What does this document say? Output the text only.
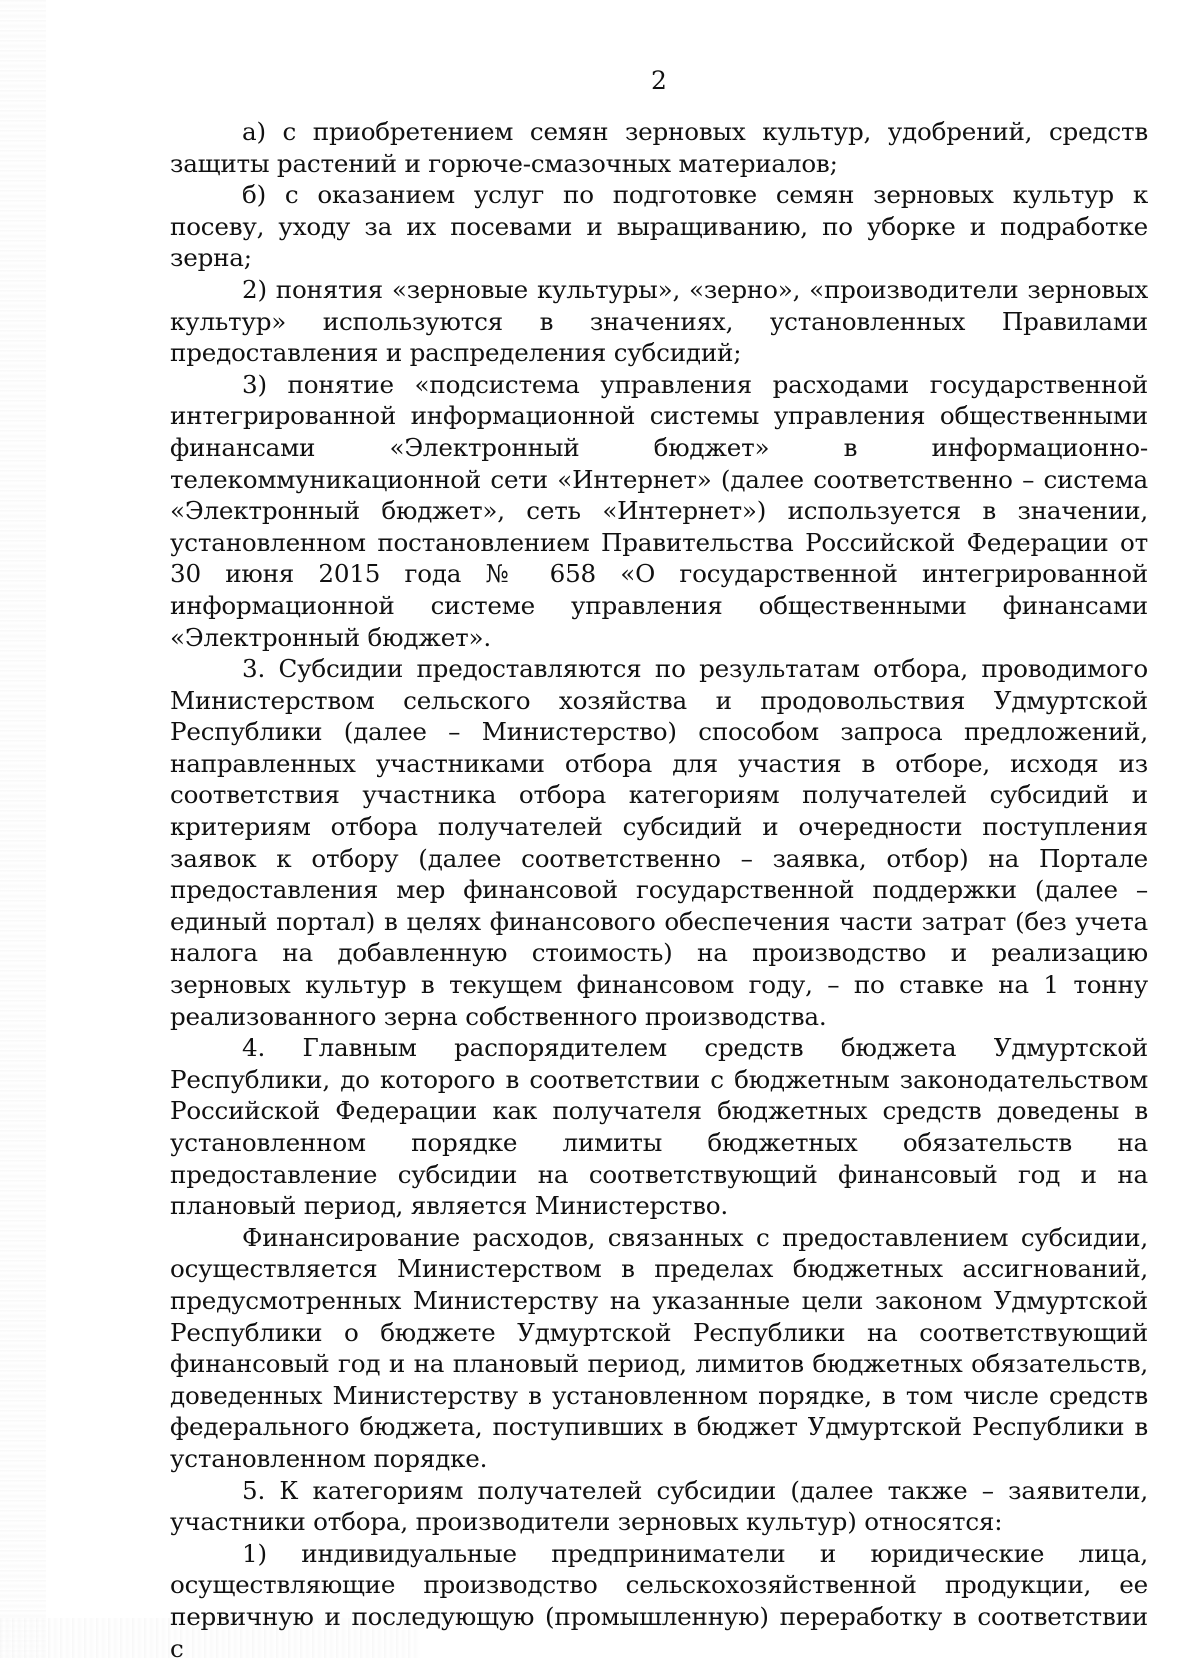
2

а) с приобретением семян зерновых культур, удобрений, средств защиты растений и горюче-смазочных материалов;

б) с оказанием услуг по подготовке семян зерновых культур к посеву, уходу за их посевами и выращиванию, по уборке и подработке зерна;

2) понятия «зерновые культуры», «зерно», «производители зерновых культур» используются в значениях, установленных Правилами предоставления и распределения субсидий;

3) понятие «подсистема управления расходами государственной интегрированной информационной системы управления общественными финансами «Электронный бюджет» в информационно-телекоммуникационной сети «Интернет» (далее соответственно – система «Электронный бюджет», сеть «Интернет») используется в значении, установленном постановлением Правительства Российской Федерации от 30 июня 2015 года № 658 «О государственной интегрированной информационной системе управления общественными финансами «Электронный бюджет».

3. Субсидии предоставляются по результатам отбора, проводимого Министерством сельского хозяйства и продовольствия Удмуртской Республики (далее – Министерство) способом запроса предложений, направленных участниками отбора для участия в отборе, исходя из соответствия участника отбора категориям получателей субсидий и критериям отбора получателей субсидий и очередности поступления заявок к отбору (далее соответственно – заявка, отбор) на Портале предоставления мер финансовой государственной поддержки (далее – единый портал) в целях финансового обеспечения части затрат (без учета налога на добавленную стоимость) на производство и реализацию зерновых культур в текущем финансовом году, – по ставке на 1 тонну реализованного зерна собственного производства.

4. Главным распорядителем средств бюджета Удмуртской Республики, до которого в соответствии с бюджетным законодательством Российской Федерации как получателя бюджетных средств доведены в установленном порядке лимиты бюджетных обязательств на предоставление субсидии на соответствующий финансовый год и на плановый период, является Министерство.

Финансирование расходов, связанных с предоставлением субсидии, осуществляется Министерством в пределах бюджетных ассигнований, предусмотренных Министерству на указанные цели законом Удмуртской Республики о бюджете Удмуртской Республики на соответствующий финансовый год и на плановый период, лимитов бюджетных обязательств, доведенных Министерству в установленном порядке, в том числе средств федерального бюджета, поступивших в бюджет Удмуртской Республики в установленном порядке.

5. К категориям получателей субсидии (далее также – заявители, участники отбора, производители зерновых культур) относятся:

1) индивидуальные предприниматели и юридические лица, осуществляющие производство сельскохозяйственной продукции, ее первичную и последующую (промышленную) переработку в соответствии с
